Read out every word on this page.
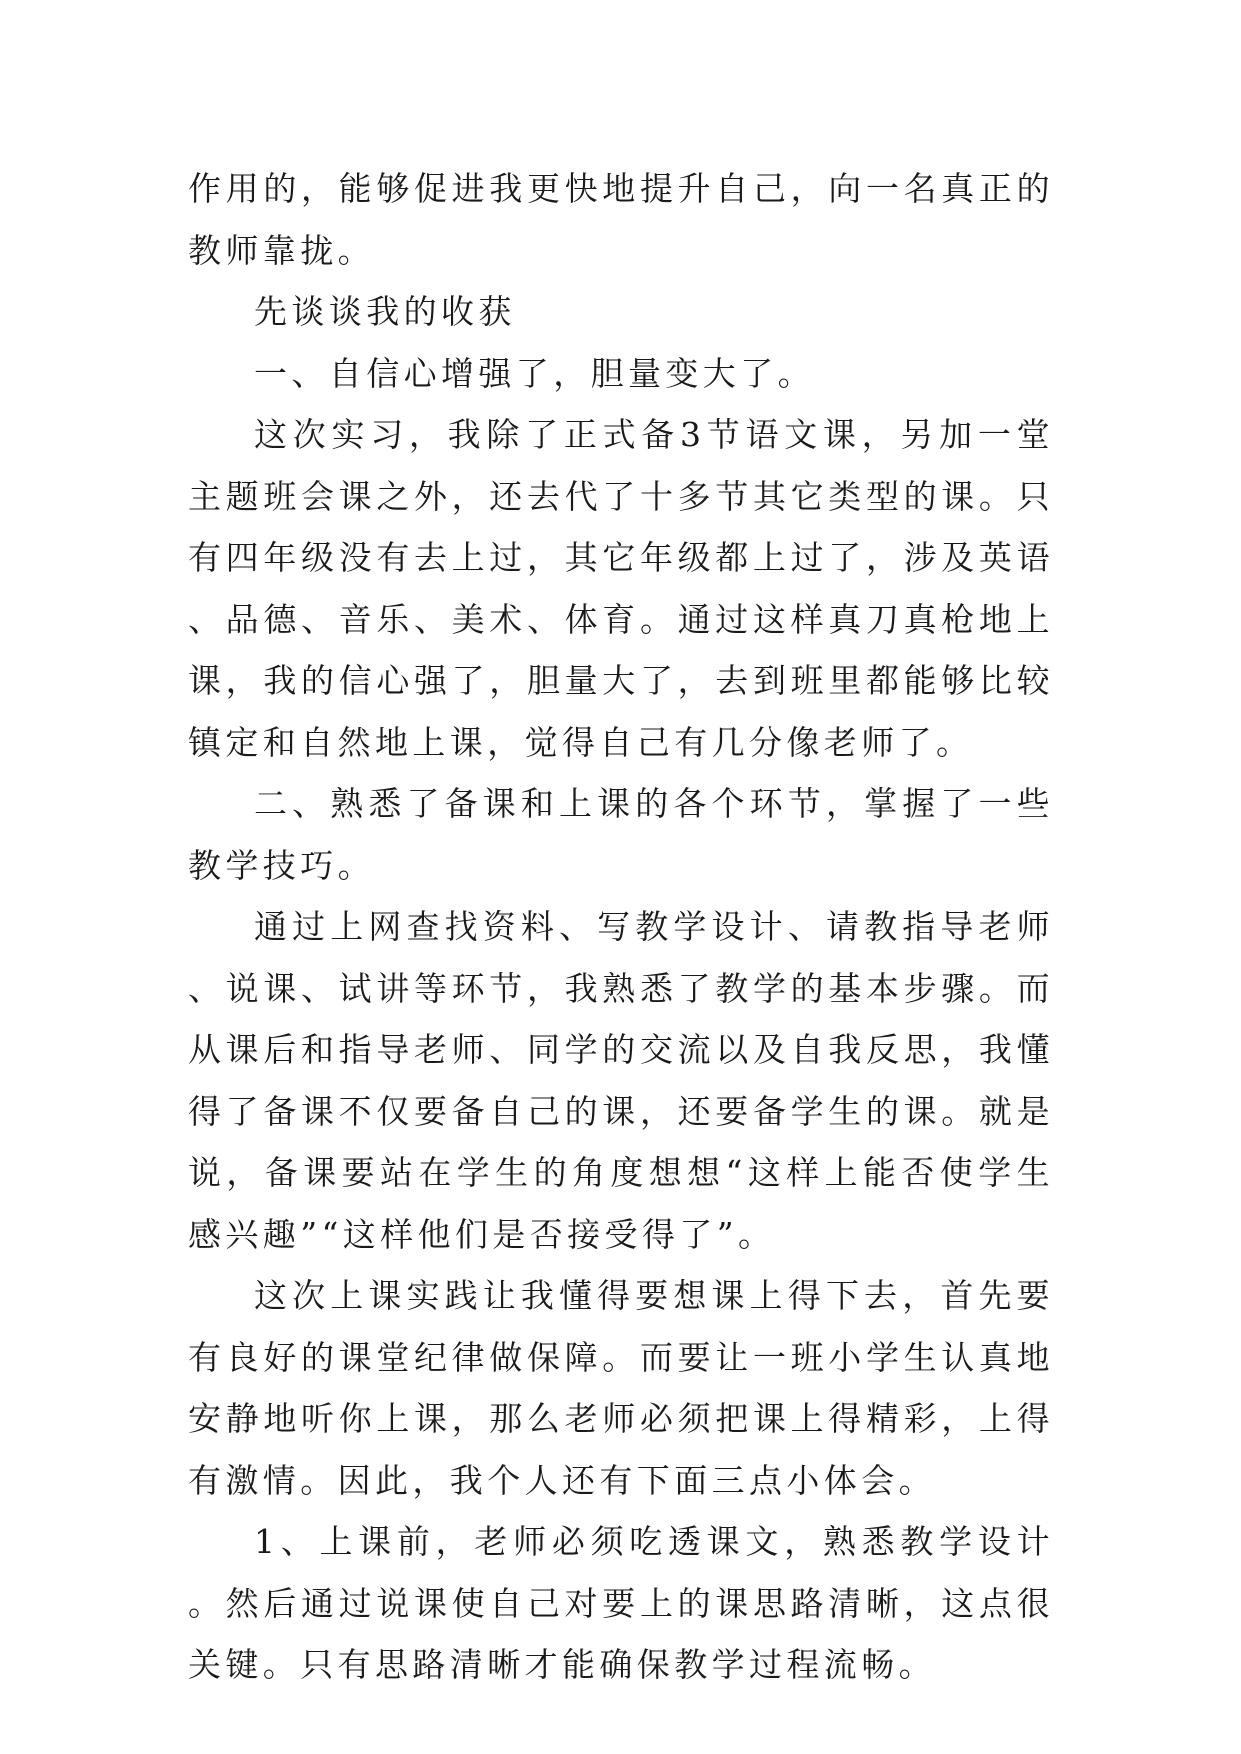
作用的，能够促进我更快地提升自己，向一名真正的教师靠拢。

先谈谈我的收获

一、自信心增强了，胆量变大了。

这次实习，我除了正式备3节语文课，另加一堂主题班会课之外，还去代了十多节其它类型的课。只有四年级没有去上过，其它年级都上过了，涉及英语、品德、音乐、美术、体育。通过这样真刀真枪地上课，我的信心强了，胆量大了，去到班里都能够比较镇定和自然地上课，觉得自己有几分像老师了。

二、熟悉了备课和上课的各个环节，掌握了一些教学技巧。

通过上网查找资料、写教学设计、请教指导老师、说课、试讲等环节，我熟悉了教学的基本步骤。而从课后和指导老师、同学的交流以及自我反思，我懂得了备课不仅要备自己的课，还要备学生的课。就是说，备课要站在学生的角度想想“这样上能否使学生感兴趣”“这样他们是否接受得了”。

这次上课实践让我懂得要想课上得下去，首先要有良好的课堂纪律做保障。而要让一班小学生认真地安静地听你上课，那么老师必须把课上得精彩，上得有激情。因此，我个人还有下面三点小体会。

1、上课前，老师必须吃透课文，熟悉教学设计。然后通过说课使自己对要上的课思路清晰，这点很关键。只有思路清晰才能确保教学过程流畅。
